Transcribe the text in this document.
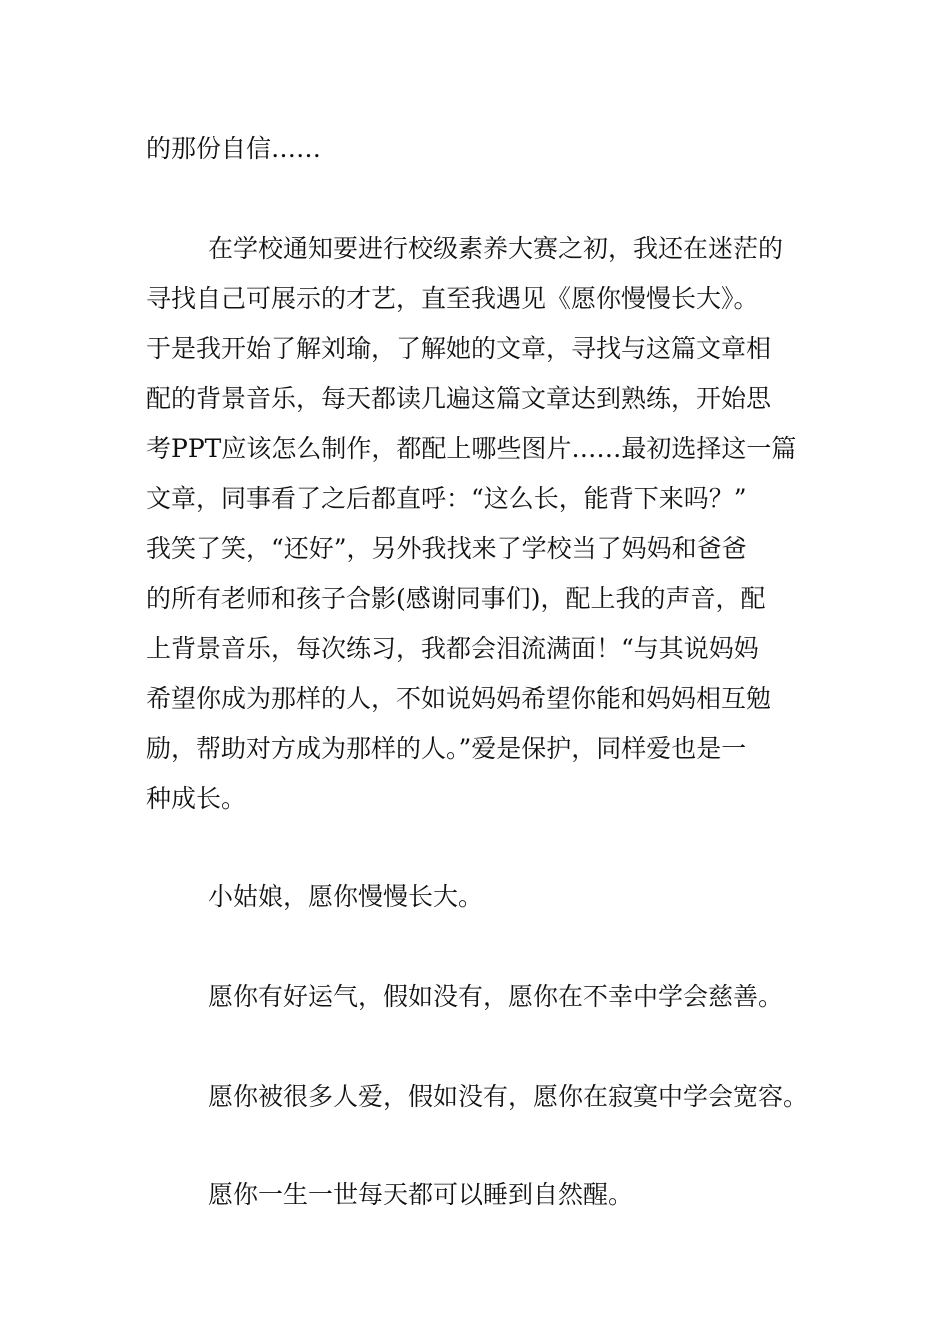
的那份自信……
在学校通知要进行校级素养大赛之初，我还在迷茫的
寻找自己可展示的才艺，直至我遇见《愿你慢慢长大》。
于是我开始了解刘瑜，了解她的文章，寻找与这篇文章相
配的背景音乐，每天都读几遍这篇文章达到熟练，开始思
考PPT应该怎么制作，都配上哪些图片……最初选择这一篇
文章，同事看了之后都直呼：“这么长，能背下来吗？”
我笑了笑，“还好”，另外我找来了学校当了妈妈和爸爸
的所有老师和孩子合影(感谢同事们)，配上我的声音，配
上背景音乐，每次练习，我都会泪流满面！“与其说妈妈
希望你成为那样的人，不如说妈妈希望你能和妈妈相互勉
励，帮助对方成为那样的人。”爱是保护，同样爱也是一
种成长。
小姑娘，愿你慢慢长大。
愿你有好运气，假如没有，愿你在不幸中学会慈善。
愿你被很多人爱，假如没有，愿你在寂寞中学会宽容。
愿你一生一世每天都可以睡到自然醒。
